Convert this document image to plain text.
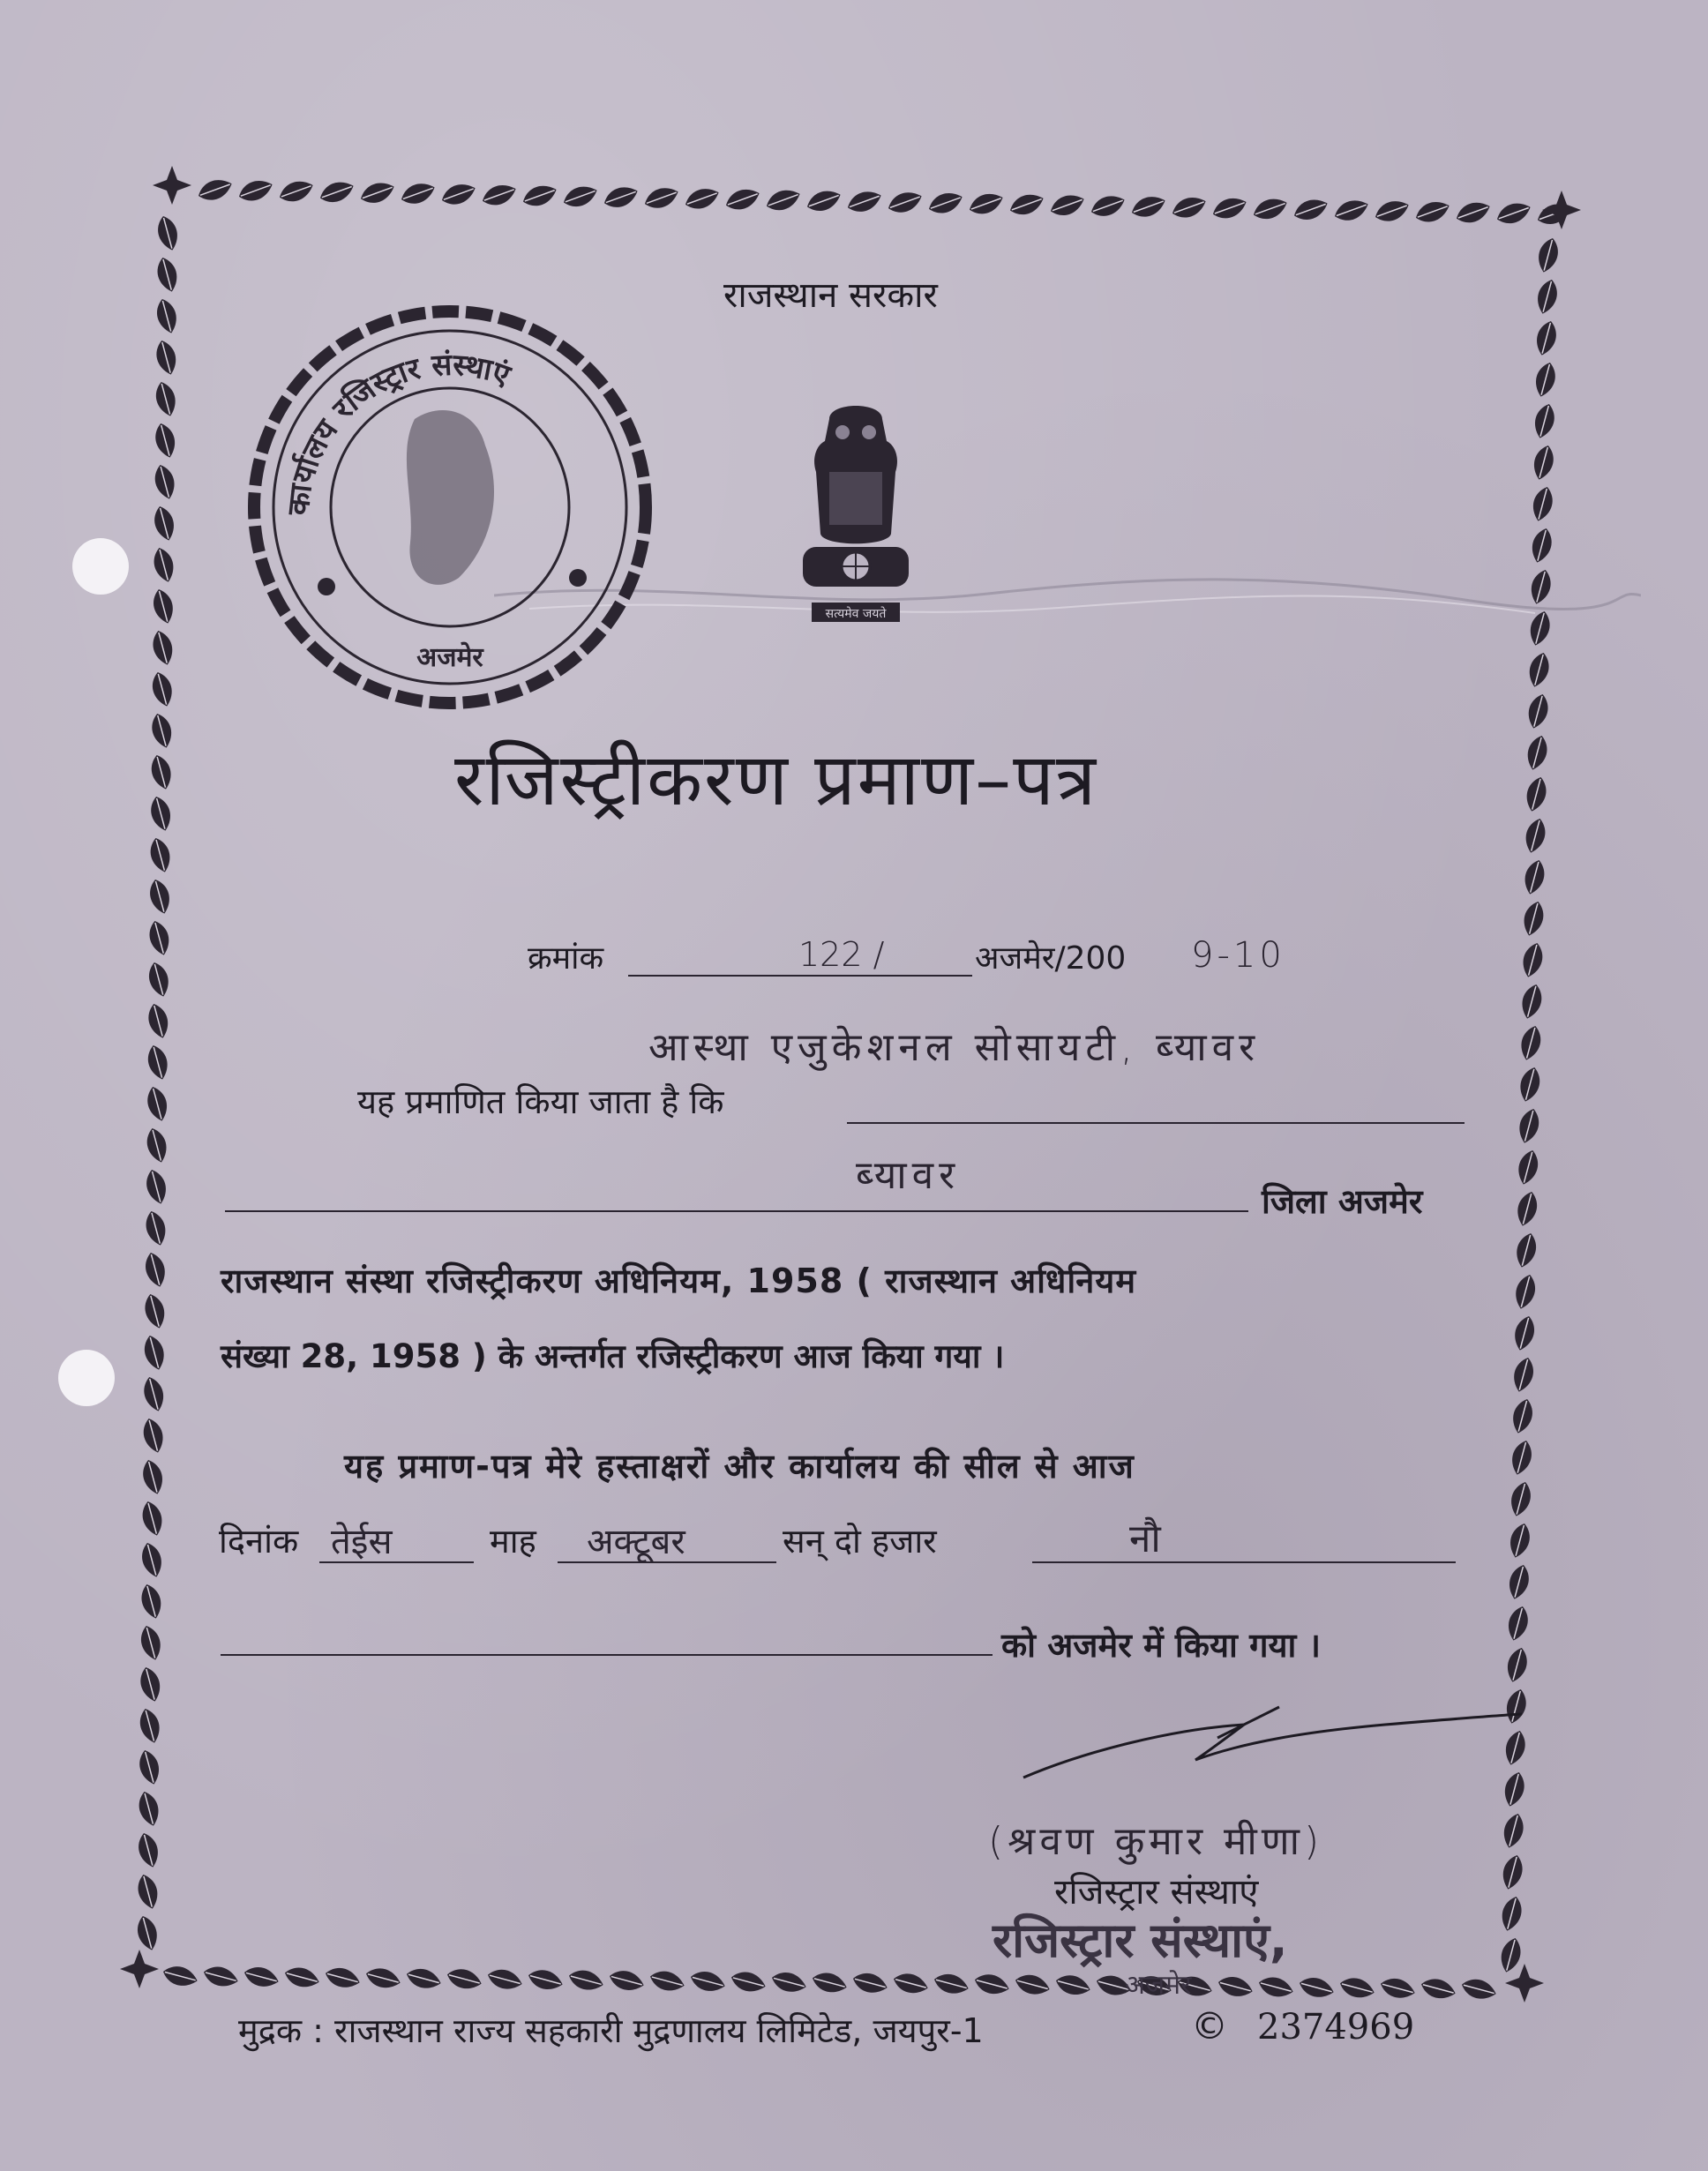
राजस्थान सरकार
कार्यालय रजिस्ट्रार संस्थाएं
अजमेर
सत्यमेव जयते
रजिस्ट्रीकरण प्रमाण–पत्र
क्रमांक	122 /	अजमेर/200 9-10
आस्था एजुकेशनल सोसायटी, ब्यावर
यह प्रमाणित किया जाता है कि
ब्यावर
जिला अजमेर
राजस्थान संस्था रजिस्ट्रीकरण अधिनियम, 1958 ( राजस्थान अधिनियम
संख्या 28, 1958 ) के अन्तर्गत रजिस्ट्रीकरण आज किया गया ।
यह प्रमाण-पत्र मेरे हस्ताक्षरों और कार्यालय की सील से आज
दिनांक तेईस	माह अक्टूबर	सन् दो हजार	नौ
को अजमेर में किया गया ।
(श्रवण कुमार मीणा)
रजिस्ट्रार संस्थाएं
रजिस्ट्रार संस्थाएं,
अजमेर
मुद्रक : राजस्थान राज्य सहकारी मुद्रणालय लिमिटेड, जयपुर-1	© 2374969
